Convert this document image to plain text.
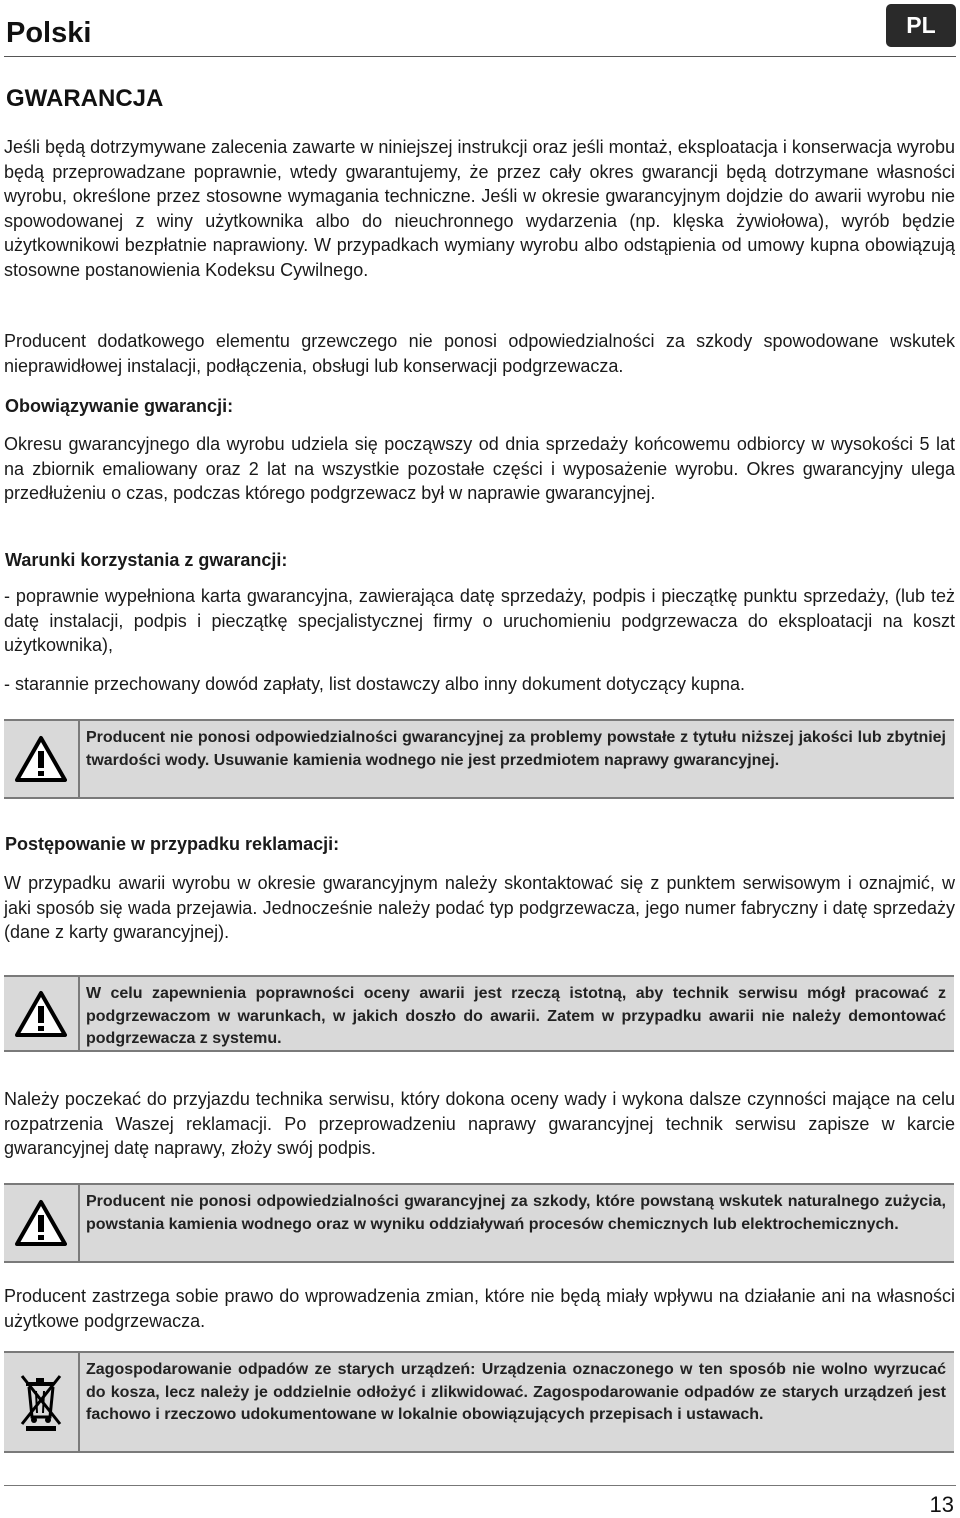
Polski	PL
GWARANCJA

Jeśli będą dotrzymywane zalecenia zawarte w niniejszej instrukcji oraz jeśli montaż, eksploatacja i konserwacja wyrobu będą przeprowadzane poprawnie, wtedy gwarantujemy, że przez cały okres gwarancji będą dotrzymane własności wyrobu, określone przez stosowne wymagania techniczne. Jeśli w okresie gwarancyjnym dojdzie do awarii wyrobu nie spowodowanej z winy użytkownika albo do nieuchronnego wydarzenia (np. klęska żywiołowa), wyrób będzie użytkownikowi bezpłatnie naprawiony. W przypadkach wymiany wyrobu albo odstąpienia od umowy kupna obowiązują stosowne postanowienia Kodeksu Cywilnego.

Producent dodatkowego elementu grzewczego nie ponosi odpowiedzialności za szkody spowodowane wskutek nieprawidłowej instalacji, podłączenia, obsługi lub konserwacji podgrzewacza.

Obowiązywanie gwarancji:

Okresu gwarancyjnego dla wyrobu udziela się począwszy od dnia sprzedaży końcowemu odbiorcy w wysokości 5 lat na zbiornik emaliowany oraz 2 lat na wszystkie pozostałe części i wyposażenie wyrobu. Okres gwarancyjny ulega przedłużeniu o czas, podczas którego podgrzewacz był w naprawie gwarancyjnej.

Warunki korzystania z gwarancji:

- poprawnie wypełniona karta gwarancyjna, zawierająca datę sprzedaży, podpis i pieczątkę punktu sprzedaży, (lub też datę instalacji, podpis i pieczątkę specjalistycznej firmy o uruchomieniu podgrzewacza do eksploatacji na koszt użytkownika),

- starannie przechowany dowód zapłaty, list dostawczy albo inny dokument dotyczący kupna.

Producent nie ponosi odpowiedzialności gwarancyjnej za problemy powstałe z tytułu niższej jakości lub zbytniej twardości wody. Usuwanie kamienia wodnego nie jest przedmiotem naprawy gwarancyjnej.

Postępowanie w przypadku reklamacji:

W przypadku awarii wyrobu w okresie gwarancyjnym należy skontaktować się z punktem serwisowym i oznajmić, w jaki sposób się wada przejawia. Jednocześnie należy podać typ podgrzewacza, jego numer fabryczny i datę sprzedaży (dane z karty gwarancyjnej).

W celu zapewnienia poprawności oceny awarii jest rzeczą istotną, aby technik serwisu mógł pracować z podgrzewaczom w warunkach, w jakich doszło do awarii. Zatem w przypadku awarii nie należy demontować podgrzewacza z systemu.

Należy poczekać do przyjazdu technika serwisu, który dokona oceny wady i wykona dalsze czynności mające na celu rozpatrzenia Waszej reklamacji. Po przeprowadzeniu naprawy gwarancyjnej technik serwisu zapisze w karcie gwarancyjnej datę naprawy, złoży swój podpis.

Producent nie ponosi odpowiedzialności gwarancyjnej za szkody, które powstaną wskutek naturalnego zużycia, powstania kamienia wodnego oraz w wyniku oddziaływań procesów chemicznych lub elektrochemicznych.

Producent zastrzega sobie prawo do wprowadzenia zmian, które nie będą miały wpływu na działanie ani na własności użytkowe podgrzewacza.

Zagospodarowanie odpadów ze starych urządzeń: Urządzenia oznaczonego w ten sposób nie wolno wyrzucać do kosza, lecz należy je oddzielnie odłożyć i zlikwidować. Zagospodarowanie odpadów ze starych urządzeń jest fachowo i rzeczowo udokumentowane w lokalnie obowiązujących przepisach i ustawach.
13
